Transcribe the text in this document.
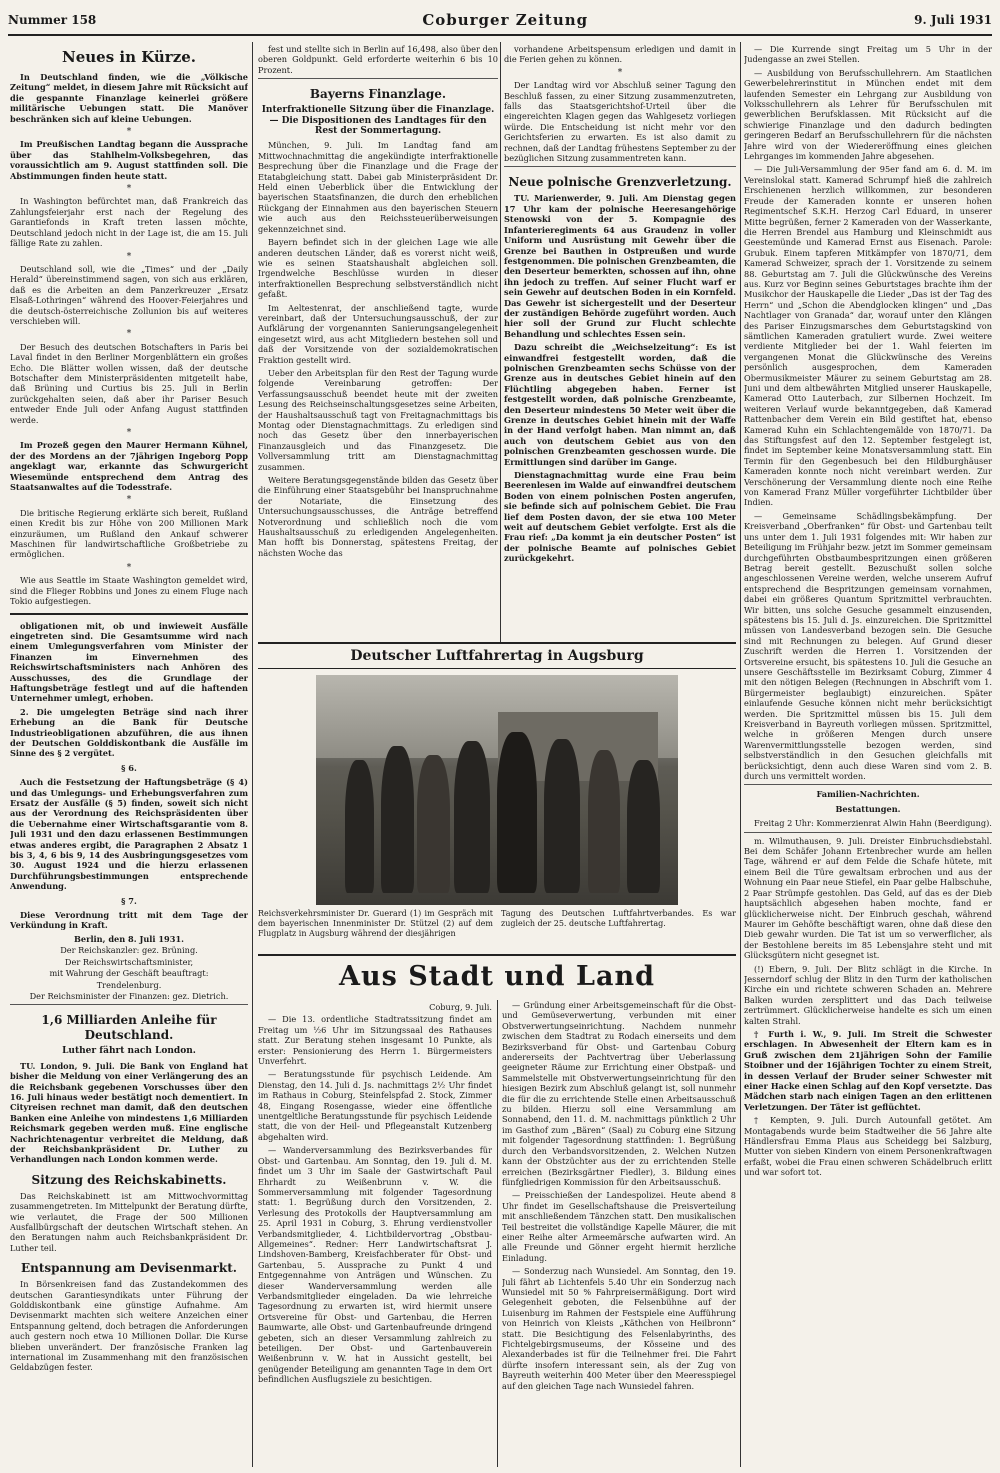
Nummer 158	Coburger Zeitung	9. Juli 1931
Neues in Kürze.

In Deutschland finden, wie die „Völkische Zeitung“ meldet, in diesem Jahre mit Rücksicht auf die gespannte Finanzlage keinerlei größere militärische Uebungen statt. Die Manöver beschränken sich auf kleine Uebungen.

*

Im Preußischen Landtag begann die Aussprache über das Stahlhelm-Volksbegehren, das voraussichtlich am 9. August stattfinden soll. Die Abstimmungen finden heute statt.

*

In Washington befürchtet man, daß Frankreich das Zahlungsfeierjahr erst nach der Regelung des Garantiefonds in Kraft treten lassen möchte, Deutschland jedoch nicht in der Lage ist, die am 15. Juli fällige Rate zu zahlen.

*

Deutschland soll, wie die „Times“ und der „Daily Herald“ übereinstimmend sagen, von sich aus erklären, daß es die Arbeiten an dem Panzerkreuzer „Ersatz Elsaß-Lothringen“ während des Hoover-Feierjahres und die deutsch-österreichische Zollunion bis auf weiteres verschieben will.

*

Der Besuch des deutschen Botschafters in Paris bei Laval findet in den Berliner Morgenblättern ein großes Echo. Die Blätter wollen wissen, daß der deutsche Botschafter dem Ministerpräsidenten mitgeteilt habe, daß Brüning und Curtius bis 25. Juli in Berlin zurückgehalten seien, daß aber ihr Pariser Besuch entweder Ende Juli oder Anfang August stattfinden werde.

*

Im Prozeß gegen den Maurer Hermann Kühnel, der des Mordens an der 7jährigen Ingeborg Popp angeklagt war, erkannte das Schwurgericht Wiesemünde entsprechend dem Antrag des Staatsanwaltes auf die Todesstrafe.

*

Die britische Regierung erklärte sich bereit, Rußland einen Kredit bis zur Höhe von 200 Millionen Mark einzuräumen, um Rußland den Ankauf schwerer Maschinen für landwirtschaftliche Großbetriebe zu ermöglichen.

*

Wie aus Seattle im Staate Washington gemeldet wird, sind die Flieger Robbins und Jones zu einem Fluge nach Tokio aufgestiegen.

obligationen mit, ob und inwieweit Ausfälle eingetreten sind. Die Gesamtsumme wird nach einem Umlegungsverfahren vom Minister der Finanzen im Einvernehmen des Reichswirtschaftsministers nach Anhören des Ausschusses, des die Grundlage der Haftungsbeträge festlegt und auf die haftenden Unternehmer umlegt, erhoben.

2. Die umgelegten Beträge sind nach ihrer Erhebung an die Bank für Deutsche Industrieobligationen abzuführen, die aus ihnen der Deutschen Golddiskontbank die Ausfälle im Sinne des § 2 vergütet.

§ 6.

Auch die Festsetzung der Haftungsbeträge (§ 4) und das Umlegungs- und Erhebungsverfahren zum Ersatz der Ausfälle (§ 5) finden, soweit sich nicht aus der Verordnung des Reichspräsidenten über die Uebernahme einer Wirtschaftsgarantie vom 8. Juli 1931 und den dazu erlassenen Bestimmungen etwas anderes ergibt, die Paragraphen 2 Absatz 1 bis 3, 4, 6 bis 9, 14 des Ausbringungsgesetzes vom 30. August 1924 und die hierzu erlassenen Durchführungsbestimmungen entsprechende Anwendung.

§ 7.

Diese Verordnung tritt mit dem Tage der Verkündung in Kraft.

Berlin, den 8. Juli 1931.
Der Reichskanzler: gez. Brüning.
Der Reichswirtschaftsminister,
mit Wahrung der Geschäft beauftragt:
Trendelenburg.
Der Reichsminister der Finanzen: gez. Dietrich.
1,6 Milliarden Anleihe für Deutschland.
Luther fährt nach London.

TU. London, 9. Juli. Die Bank von England hat bisher die Meldung von einer Verlängerung des an die Reichsbank gegebenen Vorschusses über den 16. Juli hinaus weder bestätigt noch dementiert. In Cityreisen rechnet man damit, daß den deutschen Banken eine Anleihe von mindestens 1,6 Milliarden Reichsmark gegeben werden muß. Eine englische Nachrichtenagentur verbreitet die Meldung, daß der Reichsbankpräsident Dr. Luther zu Verhandlungen nach London kommen werde.

Sitzung des Reichskabinetts.

Das Reichskabinett ist am Mittwochvormittag zusammengetreten. Im Mittelpunkt der Beratung dürfte, wie verlautet, die Frage der 500 Millionen Ausfallbürgschaft der deutschen Wirtschaft stehen. An den Beratungen nahm auch Reichsbankpräsident Dr. Luther teil.

Entspannung am Devisenmarkt.

In Börsenkreisen fand das Zustandekommen des deutschen Garantiesyndikats unter Führung der Golddiskontbank eine günstige Aufnahme. Am Devisenmarkt machten sich weitere Anzeichen einer Entspannung geltend, doch betragen die Anforderungen auch gestern noch etwa 10 Millionen Dollar. Die Kurse blieben unverändert. Der französische Franken lag international im Zusammenhang mit den französischen Geldabzügen fester.

fest und stellte sich in Berlin auf 16,498, also über den oberen Goldpunkt. Geld erforderte weiterhin 6 bis 10 Prozent.

Bayerns Finanzlage.
Interfraktionelle Sitzung über die Finanzlage. — Die Dispositionen des Landtages für den Rest der Sommertagung.

München, 9. Juli. Im Landtag fand am Mittwochnachmittag die angekündigte interfraktionelle Besprechung über die Finanzlage und die Frage der Etatabgleichung statt. Dabei gab Ministerpräsident Dr. Held einen Ueberblick über die Entwicklung der bayerischen Staatsfinanzen, die durch den erheblichen Rückgang der Einnahmen aus den bayerischen Steuern wie auch aus den Reichssteuerüberweisungen gekennzeichnet sind.

Bayern befindet sich in der gleichen Lage wie alle anderen deutschen Länder, daß es vorerst nicht weiß, wie es seinen Staatshaushalt abgleichen soll. Irgendwelche Beschlüsse wurden in dieser interfraktionellen Besprechung selbstverständlich nicht gefaßt.

Im Aeltestenrat, der anschließend tagte, wurde vereinbart, daß der Untersuchungsausschuß, der zur Aufklärung der vorgenannten Sanierungsangelegenheit eingesetzt wird, aus acht Mitgliedern bestehen soll und daß der Vorsitzende von der sozialdemokratischen Fraktion gestellt wird.

Ueber den Arbeitsplan für den Rest der Tagung wurde folgende Vereinbarung getroffen: Der Verfassungsausschuß beendet heute mit der zweiten Lesung des Reichseinschaltungsgesetzes seine Arbeiten, der Haushaltsausschuß tagt von Freitagnachmittags bis Montag oder Dienstagnachmittags. Zu erledigen sind noch das Gesetz über den innerbayerischen Finanzausgleich und das Finanzgesetz. Die Vollversammlung tritt am Dienstagnachmittag zusammen.

Weitere Beratungsgegenstände bilden das Gesetz über die Einführung einer Staatsgebühr bei Inanspruchnahme der Notariate, die Einsetzung des Untersuchungsausschusses, die Anträge betreffend Notverordnung und schließlich noch die vom Haushaltsausschuß zu erledigenden Angelegenheiten. Man hofft bis Donnerstag, spätestens Freitag, der nächsten Woche das

vorhandene Arbeitspensum erledigen und damit in die Ferien gehen zu können.

*

Der Landtag wird vor Abschluß seiner Tagung den Beschluß fassen, zu einer Sitzung zusammenzutreten, falls das Staatsgerichtshof-Urteil über die eingereichten Klagen gegen das Wahlgesetz vorliegen würde. Die Entscheidung ist nicht mehr vor den Gerichtsferien zu erwarten. Es ist also damit zu rechnen, daß der Landtag frühestens September zu der bezüglichen Sitzung zusammentreten kann.

Neue polnische Grenzverletzung.

TU. Marienwerder, 9. Juli. Am Dienstag gegen 17 Uhr kam der polnische Heeresangehörige Stenowski von der 5. Kompagnie des Infanterieregiments 64 aus Graudenz in voller Uniform und Ausrüstung mit Gewehr über die Grenze bei Bauthen in Ostpreußen und wurde festgenommen. Die polnischen Grenzbeamten, die den Deserteur bemerkten, schossen auf ihn, ohne ihn jedoch zu treffen. Auf seiner Flucht warf er sein Gewehr auf deutschen Boden in ein Kornfeld. Das Gewehr ist sichergestellt und der Deserteur der zuständigen Behörde zugeführt worden. Auch hier soll der Grund zur Flucht schlechte Behandlung und schlechtes Essen sein.

Dazu schreibt die „Weichselzeitung“: Es ist einwandfrei festgestellt worden, daß die polnischen Grenzbeamten sechs Schüsse von der Grenze aus in deutsches Gebiet hinein auf den Flüchtling abgegeben haben. Ferner ist festgestellt worden, daß polnische Grenzbeamte, den Deserteur mindestens 50 Meter weit über die Grenze in deutsches Gebiet hinein mit der Waffe in der Hand verfolgt haben. Man nimmt an, daß auch von deutschem Gebiet aus von den polnischen Grenzbeamten geschossen wurde. Die Ermittlungen sind darüber im Gange.

Dienstagnachmittag wurde eine Frau beim Beerenlesen im Walde auf einwandfrei deutschem Boden von einem polnischen Posten angerufen, sie befinde sich auf polnischem Gebiet. Die Frau lief dem Posten davon, der sie etwa 100 Meter weit auf deutschem Gebiet verfolgte. Erst als die Frau rief: „Da kommt ja ein deutscher Posten“ ist der polnische Beamte auf polnisches Gebiet zurückgekehrt.

Deutscher Luftfahrertag in Augsburg
Reichsverkehrsminister Dr. Guerard (1) im Gespräch mit dem bayerischen Innenminister Dr. Stützel (2) auf dem Flugplatz in Augsburg während der diesjährigen
Tagung des Deutschen Luftfahrtverbandes. Es war zugleich der 25. deutsche Luftfahrertag.
Aus Stadt und Land
Coburg, 9. Juli.

— Die 13. ordentliche Stadtratssitzung findet am Freitag um ½6 Uhr im Sitzungssaal des Rathauses statt. Zur Beratung stehen insgesamt 10 Punkte, als erster: Pensionierung des Herrn 1. Bürgermeisters Unverfehrt.

— Beratungsstunde für psychisch Leidende. Am Dienstag, den 14. Juli d. Js. nachmittags 2½ Uhr findet im Rathaus in Coburg, Steinfelspfad 2. Stock, Zimmer 48, Eingang Rosengasse, wieder eine öffentliche unentgeltliche Beratungsstunde für psychisch Leidende statt, die von der Heil- und Pflegeanstalt Kutzenberg abgehalten wird.

— Wanderversammlung des Bezirksverbandes für Obst- und Gartenbau. Am Sonntag, den 19. Juli d. M. findet um 3 Uhr im Saale der Gastwirtschaft Paul Ehrhardt zu Weißenbrunn v. W. die Sommerversammlung mit folgender Tagesordnung statt: 1. Begrüßung durch den Vorsitzenden, 2. Verlesung des Protokolls der Hauptversammlung am 25. April 1931 in Coburg, 3. Ehrung verdienstvoller Verbandsmitglieder, 4. Lichtbildervortrag „Obstbau-Allgemeines“. Redner: Herr Landwirtschaftsrat J. Lindshoven-Bamberg, Kreisfachberater für Obst- und Gartenbau, 5. Aussprache zu Punkt 4 und Entgegennahme von Anträgen und Wünschen. Zu dieser Wanderversammlung werden alle Verbandsmitglieder eingeladen. Da wie lehrreiche Tagesordnung zu erwarten ist, wird hiermit unsere Ortsvereine für Obst- und Gartenbau, die Herren Baumwarte, alle Obst- und Gartenbaufreunde dringend gebeten, sich an dieser Versammlung zahlreich zu beteiligen. Der Obst- und Gartenbauverein Weißenbrunn v. W. hat in Aussicht gestellt, bei genügender Beteiligung am genannten Tage in dem Ort befindlichen Ausflugsziele zu besichtigen.

— Gründung einer Arbeitsgemeinschaft für die Obst- und Gemüseverwertung, verbunden mit einer Obstverwertungseinrichtung. Nachdem nunmehr zwischen dem Stadtrat zu Rodach einerseits und dem Bezirksverband für Obst- und Gartenbau Coburg andererseits der Pachtvertrag über Ueberlassung geeigneter Räume zur Errichtung einer Obstpaß- und Sammelstelle mit Obstverwertungseinrichtung für den hiesigen Bezirk zum Abschluß gelangt ist, soll nunmehr die für die zu errichtende Stelle einen Arbeitsausschuß zu bilden. Hierzu soll eine Versammlung am Sonnabend, den 11. d. M. nachmittags pünktlich 2 Uhr im Gasthof zum „Bären“ (Saal) zu Coburg eine Sitzung mit folgender Tagesordnung stattfinden: 1. Begrüßung durch den Verbandsvorsitzenden, 2. Welchen Nutzen kann der Obstzüchter aus der zu errichtenden Stelle erreichen (Bezirksgärtner Fiedler), 3. Bildung eines fünfgliedrigen Kommission für den Arbeitsausschuß.

— Preisschießen der Landespolizei. Heute abend 8 Uhr findet im Gesellschaftshause die Preisverteilung mit anschließendem Tänzchen statt. Den musikalischen Teil bestreitet die vollständige Kapelle Mäurer, die mit einer Reihe alter Armeemärsche aufwarten wird. An alle Freunde und Gönner ergeht hiermit herzliche Einladung.

— Sonderzug nach Wunsiedel. Am Sonntag, den 19. Juli fährt ab Lichtenfels 5.40 Uhr ein Sonderzug nach Wunsiedel mit 50 % Fahrpreisermäßigung. Dort wird Gelegenheit geboten, die Felsenbühne auf der Luisenburg im Rahmen der Festspiele eine Aufführung von Heinrich von Kleists „Käthchen von Heilbronn“ statt. Die Besichtigung des Felsenlabyrinths, des Fichtelgebirgsmuseums, der Kösseine und des Alexanderbades ist für die Teilnehmer frei. Die Fahrt dürfte insofern interessant sein, als der Zug von Bayreuth weiterhin 400 Meter über den Meeresspiegel auf den gleichen Tage nach Wunsiedel fahren.

— Die Kurrende singt Freitag um 5 Uhr in der Judengasse an zwei Stellen.

— Ausbildung von Berufsschullehrern. Am Staatlichen Gewerbelehrerinstitut in München endet mit dem laufenden Semester ein Lehrgang zur Ausbildung von Volksschullehrern als Lehrer für Berufsschulen mit gewerblichen Berufsklassen. Mit Rücksicht auf die schwierige Finanzlage und den dadurch bedingten geringeren Bedarf an Berufsschullehrern für die nächsten Jahre wird von der Wiedereröffnung eines gleichen Lehrganges im kommenden Jahre abgesehen.

— Die Juli-Versammlung der 95er fand am 6. d. M. im Vereinslokal statt. Kamerad Schrumpf hieß die zahlreich Erschienenen herzlich willkommen, zur besonderen Freude der Kameraden konnte er unseren hohen Regimentschef S.K.H. Herzog Carl Eduard, in unserer Mitte begrüßen, ferner 2 Kameraden von der Wasserkante, die Herren Brendel aus Hamburg und Kleinschmidt aus Geestemünde und Kamerad Ernst aus Eisenach. Parole: Grubuk. Einem tapferen Mitkämpfer von 1870/71, dem Kamerad Schweizer, sprach der 1. Vorsitzende zu seinem 88. Geburtstag am 7. Juli die Glückwünsche des Vereins aus. Kurz vor Beginn seines Geburtstages brachte ihm der Musikchor der Hauskapelle die Lieder „Das ist der Tag des Herrn“ und „Schon die Abendglocken klingen“ und „Das Nachtlager von Granada“ dar, worauf unter den Klängen des Pariser Einzugsmarsches dem Geburtstagskind von sämtlichen Kameraden gratuliert wurde. Zwei weitere verdiente Mitglieder bei der 1. Wahl feierten im vergangenen Monat die Glückwünsche des Vereins persönlich ausgesprochen, dem Kameraden Obermusikmeister Mäurer zu seinem Geburtstag am 28. Juni und dem altbewährten Mitglied unserer Hauskapelle, Kamerad Otto Lauterbach, zur Silbernen Hochzeit. Im weiteren Verlauf wurde bekanntgegeben, daß Kamerad Rattenbacher dem Verein ein Bild gestiftet hat, ebenso Kamerad Kuhn ein Schlachtengemälde von 1870/71. Da das Stiftungsfest auf den 12. September festgelegt ist, findet im September keine Monatsversammlung statt. Ein Termin für den Gegenbesuch bei den Hildburghäuser Kameraden konnte noch nicht vereinbart werden. Zur Verschönerung der Versammlung diente noch eine Reihe von Kamerad Franz Müller vorgeführter Lichtbilder über Indien.

— Gemeinsame Schädlingsbekämpfung. Der Kreisverband „Oberfranken“ für Obst- und Gartenbau teilt uns unter dem 1. Juli 1931 folgendes mit: Wir haben zur Beteiligung im Frühjahr bezw. jetzt im Sommer gemeinsam durchgeführten Obstbaumbespritzungen einen größeren Betrag bereit gestellt. Bezuschußt sollen solche angeschlossenen Vereine werden, welche unserem Aufruf entsprechend die Bespritzungen gemeinsam vornahmen, dabei ein größeres Quantum Spritzmittel verbrauchten. Wir bitten, uns solche Gesuche gesammelt einzusenden, spätestens bis 15. Juli d. Js. einzureichen. Die Spritzmittel müssen von Landesverband bezogen sein. Die Gesuche sind mit Rechnungen zu belegen. Auf Grund dieser Zuschrift werden die Herren 1. Vorsitzenden der Ortsvereine ersucht, bis spätestens 10. Juli die Gesuche an unsere Geschäftsstelle im Bezirksamt Coburg, Zimmer 4 mit den nötigen Belegen (Rechnungen in Abschrift vom 1. Bürgermeister beglaubigt) einzureichen. Später einlaufende Gesuche können nicht mehr berücksichtigt werden. Die Spritzmittel müssen bis 15. Juli dem Kreisverband in Bayreuth vorliegen müssen. Spritzmittel, welche in größeren Mengen durch unsere Warenvermittlungsstelle bezogen werden, sind selbstverständlich in den Gesuchen gleichfalls mit berücksichtigt, denn auch diese Waren sind vom 2. B. durch uns vermittelt worden.

Familien-Nachrichten.
Bestattungen.

Freitag 2 Uhr: Kommerzienrat Alwin Hahn (Beerdigung).

m. Wilmuthausen, 9. Juli. Dreister Einbruchsdiebstahl. Bei dem Schäfer Johann Ertenbrecher wurde am hellen Tage, während er auf dem Felde die Schafe hütete, mit einem Beil die Türe gewaltsam erbrochen und aus der Wohnung ein Paar neue Stiefel, ein Paar gelbe Halbschuhe, 2 Paar Strümpfe gestohlen. Das Geld, auf das es der Dieb hauptsächlich abgesehen haben mochte, fand er glücklicherweise nicht. Der Einbruch geschah, während Maurer im Gehöfte beschäftigt waren, ohne daß diese den Dieb gewahr wurden. Die Tat ist um so verwerflicher, als der Bestohlene bereits im 85 Lebensjahre steht und mit Glücksgütern nicht gesegnet ist.

(!) Ebern, 9. Juli. Der Blitz schlägt in die Kirche. In Jesserndorf schlug der Blitz in den Turm der katholischen Kirche ein und richtete schweren Schaden an. Mehrere Balken wurden zersplittert und das Dach teilweise zertrümmert. Glücklicherweise handelte es sich um einen kalten Strahl.

† Furth i. W., 9. Juli. Im Streit die Schwester erschlagen. In Abwesenheit der Eltern kam es in Gruß zwischen dem 21jährigen Sohn der Familie Stoibner und der 16jährigen Tochter zu einem Streit, in dessen Verlauf der Bruder seiner Schwester mit einer Hacke einen Schlag auf den Kopf versetzte. Das Mädchen starb nach einigen Tagen an den erlittenen Verletzungen. Der Täter ist geflüchtet.

† Kempten, 9. Juli. Durch Autounfall getötet. Am Montagabends wurde beim Stadtweiher die 56 Jahre alte Händlersfrau Emma Plaus aus Scheidegg bei Salzburg, Mutter von sieben Kindern von einem Personenkraftwagen erfaßt, wobei die Frau einen schweren Schädelbruch erlitt und war sofort tot.
